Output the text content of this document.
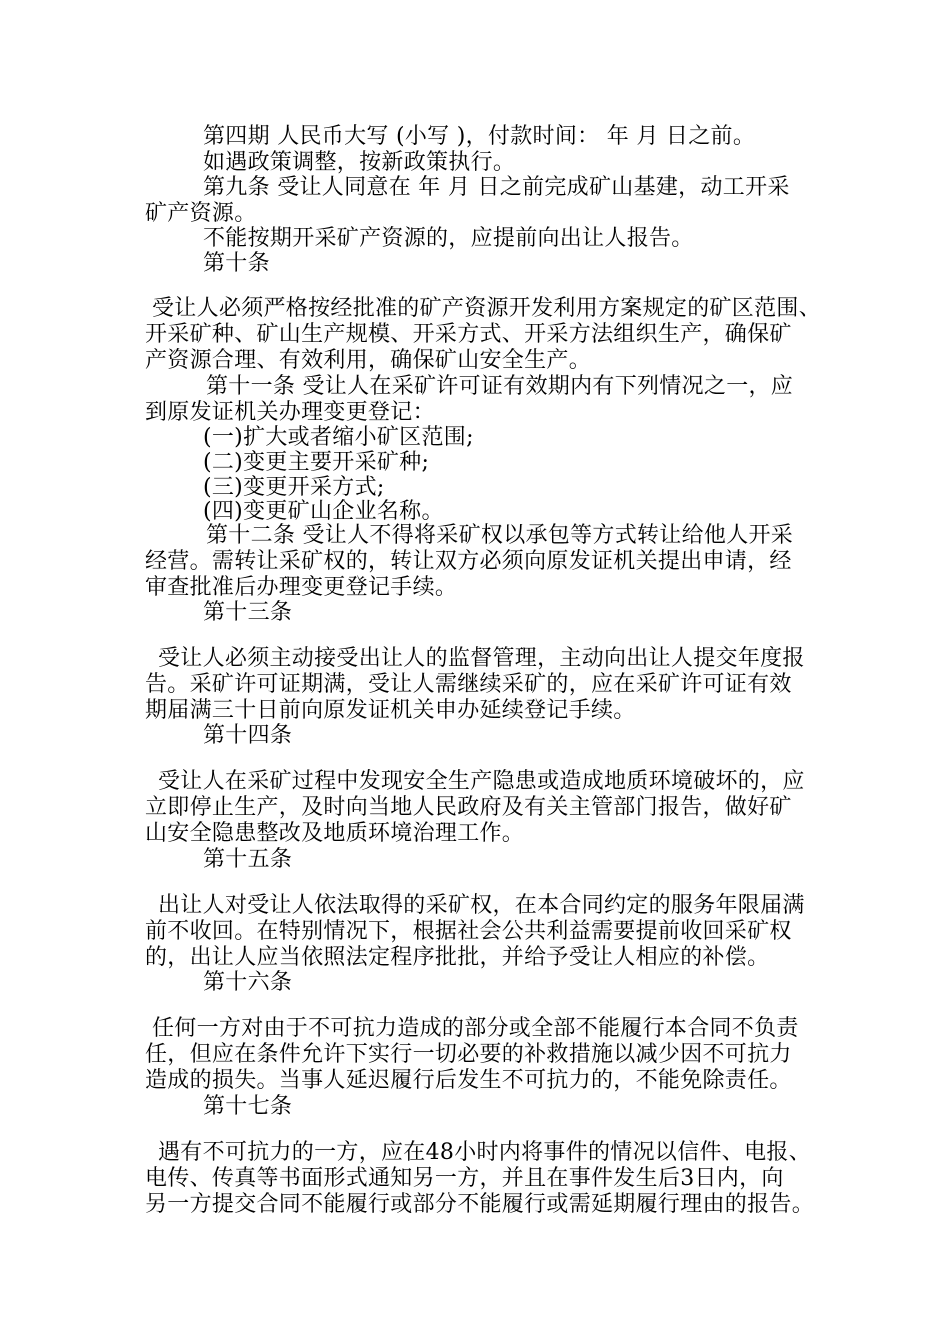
第四期 人民币大写 (小写 )，付款时间： 年 月 日之前。
如遇政策调整，按新政策执行。
第九条 受让人同意在 年 月 日之前完成矿山基建，动工开采
矿产资源。
不能按期开采矿产资源的，应提前向出让人报告。
第十条
受让人必须严格按经批准的矿产资源开发利用方案规定的矿区范围、
开采矿种、矿山生产规模、开采方式、开采方法组织生产，确保矿
产资源合理、有效利用，确保矿山安全生产。
第十一条 受让人在采矿许可证有效期内有下列情况之一，应
到原发证机关办理变更登记：
(一)扩大或者缩小矿区范围;
(二)变更主要开采矿种;
(三)变更开采方式;
(四)变更矿山企业名称。
第十二条 受让人不得将采矿权以承包等方式转让给他人开采
经营。需转让采矿权的，转让双方必须向原发证机关提出申请，经
审查批准后办理变更登记手续。
第十三条
受让人必须主动接受出让人的监督管理，主动向出让人提交年度报
告。采矿许可证期满，受让人需继续采矿的，应在采矿许可证有效
期届满三十日前向原发证机关申办延续登记手续。
第十四条
受让人在采矿过程中发现安全生产隐患或造成地质环境破坏的，应
立即停止生产，及时向当地人民政府及有关主管部门报告，做好矿
山安全隐患整改及地质环境治理工作。
第十五条
出让人对受让人依法取得的采矿权，在本合同约定的服务年限届满
前不收回。在特别情况下，根据社会公共利益需要提前收回采矿权
的，出让人应当依照法定程序批批，并给予受让人相应的补偿。
第十六条
任何一方对由于不可抗力造成的部分或全部不能履行本合同不负责
任，但应在条件允许下实行一切必要的补救措施以减少因不可抗力
造成的损失。当事人延迟履行后发生不可抗力的，不能免除责任。
第十七条
遇有不可抗力的一方，应在48小时内将事件的情况以信件、电报、
电传、传真等书面形式通知另一方，并且在事件发生后3日内，向
另一方提交合同不能履行或部分不能履行或需延期履行理由的报告。
